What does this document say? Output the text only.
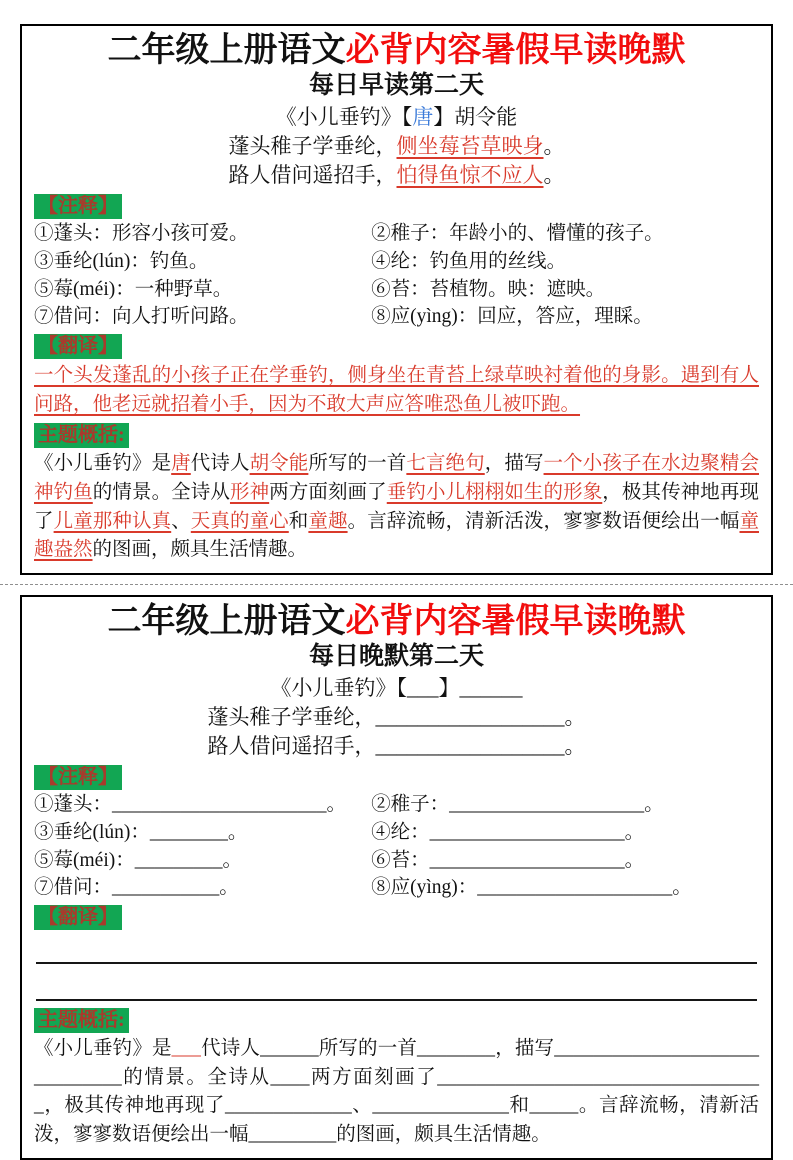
二年级上册语文必背内容暑假早读晚默
每日早读第二天
《小儿垂钓》【唐】胡令能
蓬头稚子学垂纶，侧坐莓苔草映身。
路人借问遥招手，怕得鱼惊不应人。
【注释】
①蓬头：形容小孩可爱。	②稚子：年龄小的、懵懂的孩子。
③垂纶(lún)：钓鱼。	④纶：钓鱼用的丝线。
⑤莓(méi)：一种野草。	⑥苔：苔植物。映：遮映。
⑦借问：向人打听问路。	⑧应(yìng)：回应，答应，理睬。
【翻译】

一个头发蓬乱的小孩子正在学垂钓，侧身坐在青苔上绿草映衬着他的身影。遇到有人问路，他老远就招着小手，因为不敢大声应答唯恐鱼儿被吓跑。

主题概括:

《小儿垂钓》是唐代诗人胡令能所写的一首七言绝句，描写一个小孩子在水边聚精会神钓鱼的情景。全诗从形神两方面刻画了垂钓小儿栩栩如生的形象，极其传神地再现了儿童那种认真、天真的童心和童趣。言辞流畅，清新活泼，寥寥数语便绘出一幅童趣盎然的图画，颇具生活情趣。

二年级上册语文必背内容暑假早读晚默
每日晚默第二天
《小儿垂钓》【___】______
蓬头稚子学垂纶，__________________。
路人借问遥招手，__________________。
【注释】
①蓬头：______________________。	②稚子：____________________。
③垂纶(lún)：________。	④纶：____________________。
⑤莓(méi)：_________。	⑥苔：____________________。
⑦借问：___________。	⑧应(yìng)：____________________。
【翻译】
主题概括:

《小儿垂钓》是___代诗人______所写的一首________，描写______________________________的情景。全诗从____两方面刻画了__________________________________，极其传神地再现了_____________、______________和_____。言辞流畅，清新活泼，寥寥数语便绘出一幅_________的图画，颇具生活情趣。
